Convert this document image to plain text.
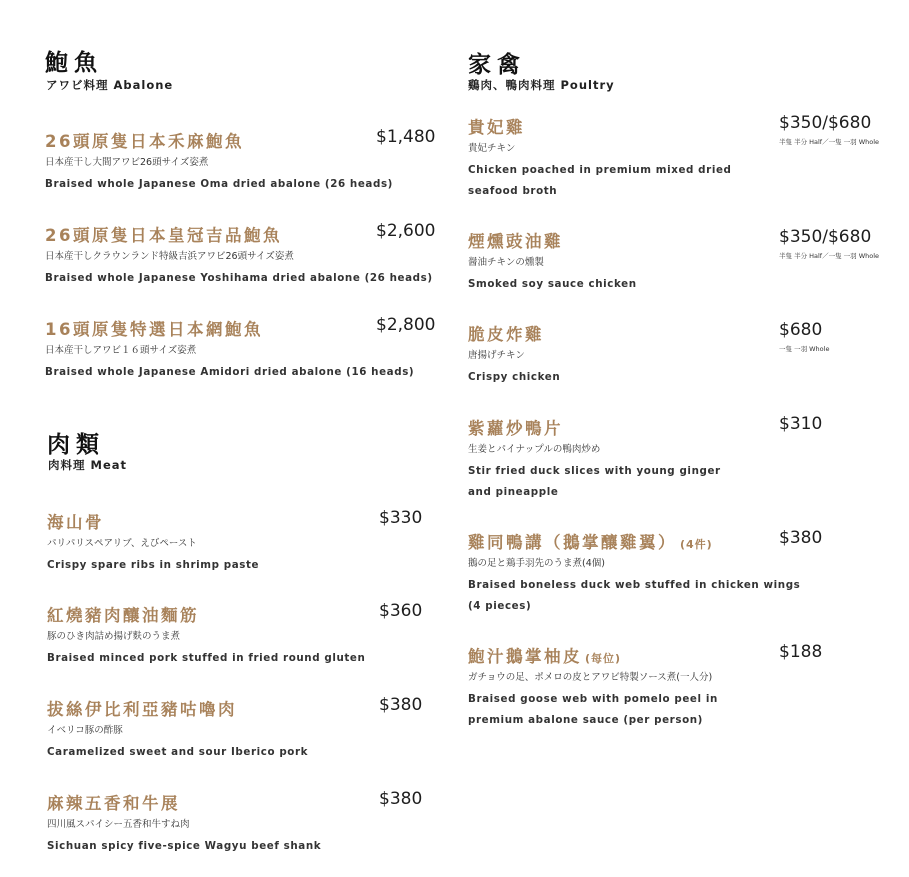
鮑魚
アワビ料理 Abalone
26頭原隻日本禾麻鮑魚	$1,480
日本産干し大間アワビ26頭サイズ姿煮
Braised whole Japanese Oma dried abalone (26 heads)
26頭原隻日本皇冠吉品鮑魚	$2,600
日本産干しクラウンランド特級吉浜アワビ26頭サイズ姿煮
Braised whole Japanese Yoshihama dried abalone (26 heads)
16頭原隻特選日本網鮑魚	$2,800
日本産干しアワビ１６頭サイズ姿煮
Braised whole Japanese Amidori dried abalone (16 heads)
肉類
肉料理 Meat
海山骨	$330
パリパリスペアリブ、えびペースト
Crispy spare ribs in shrimp paste
紅燒豬肉釀油麵筋	$360
豚のひき肉詰め揚げ麩のうま煮
Braised minced pork stuffed in fried round gluten
拔絲伊比利亞豬咕嚕肉	$380
イベリコ豚の酢豚
Caramelized sweet and sour Iberico pork
麻辣五香和牛展	$380
四川風スパイシー五香和牛すね肉
Sichuan spicy five-spice Wagyu beef shank
家禽
鷄肉、鴨肉料理 Poultry
貴妃雞	$350/$680
半隻 半分 Half／一隻 一羽 Whole
貴妃チキン
Chicken poached in premium mixed dried
seafood broth
煙燻豉油雞	$350/$680
半隻 半分 Half／一隻 一羽 Whole
醤油チキンの燻製
Smoked soy sauce chicken
脆皮炸雞	$680
一隻 一羽 Whole
唐揚げチキン
Crispy chicken
紫蘿炒鴨片	$310
生姜とパイナップルの鴨肉炒め
Stir fried duck slices with young ginger
and pineapple
雞同鴨講（鵝掌釀雞翼） (4件)	$380
鵝の足と鶏手羽先のうま煮(4個)
Braised boneless duck web stuffed in chicken wings
(4 pieces)
鮑汁鵝掌柚皮 (每位)	$188
ガチョウの足、ポメロの皮とアワビ特製ソース煮(一人分)
Braised goose web with pomelo peel in
premium abalone sauce (per person)
